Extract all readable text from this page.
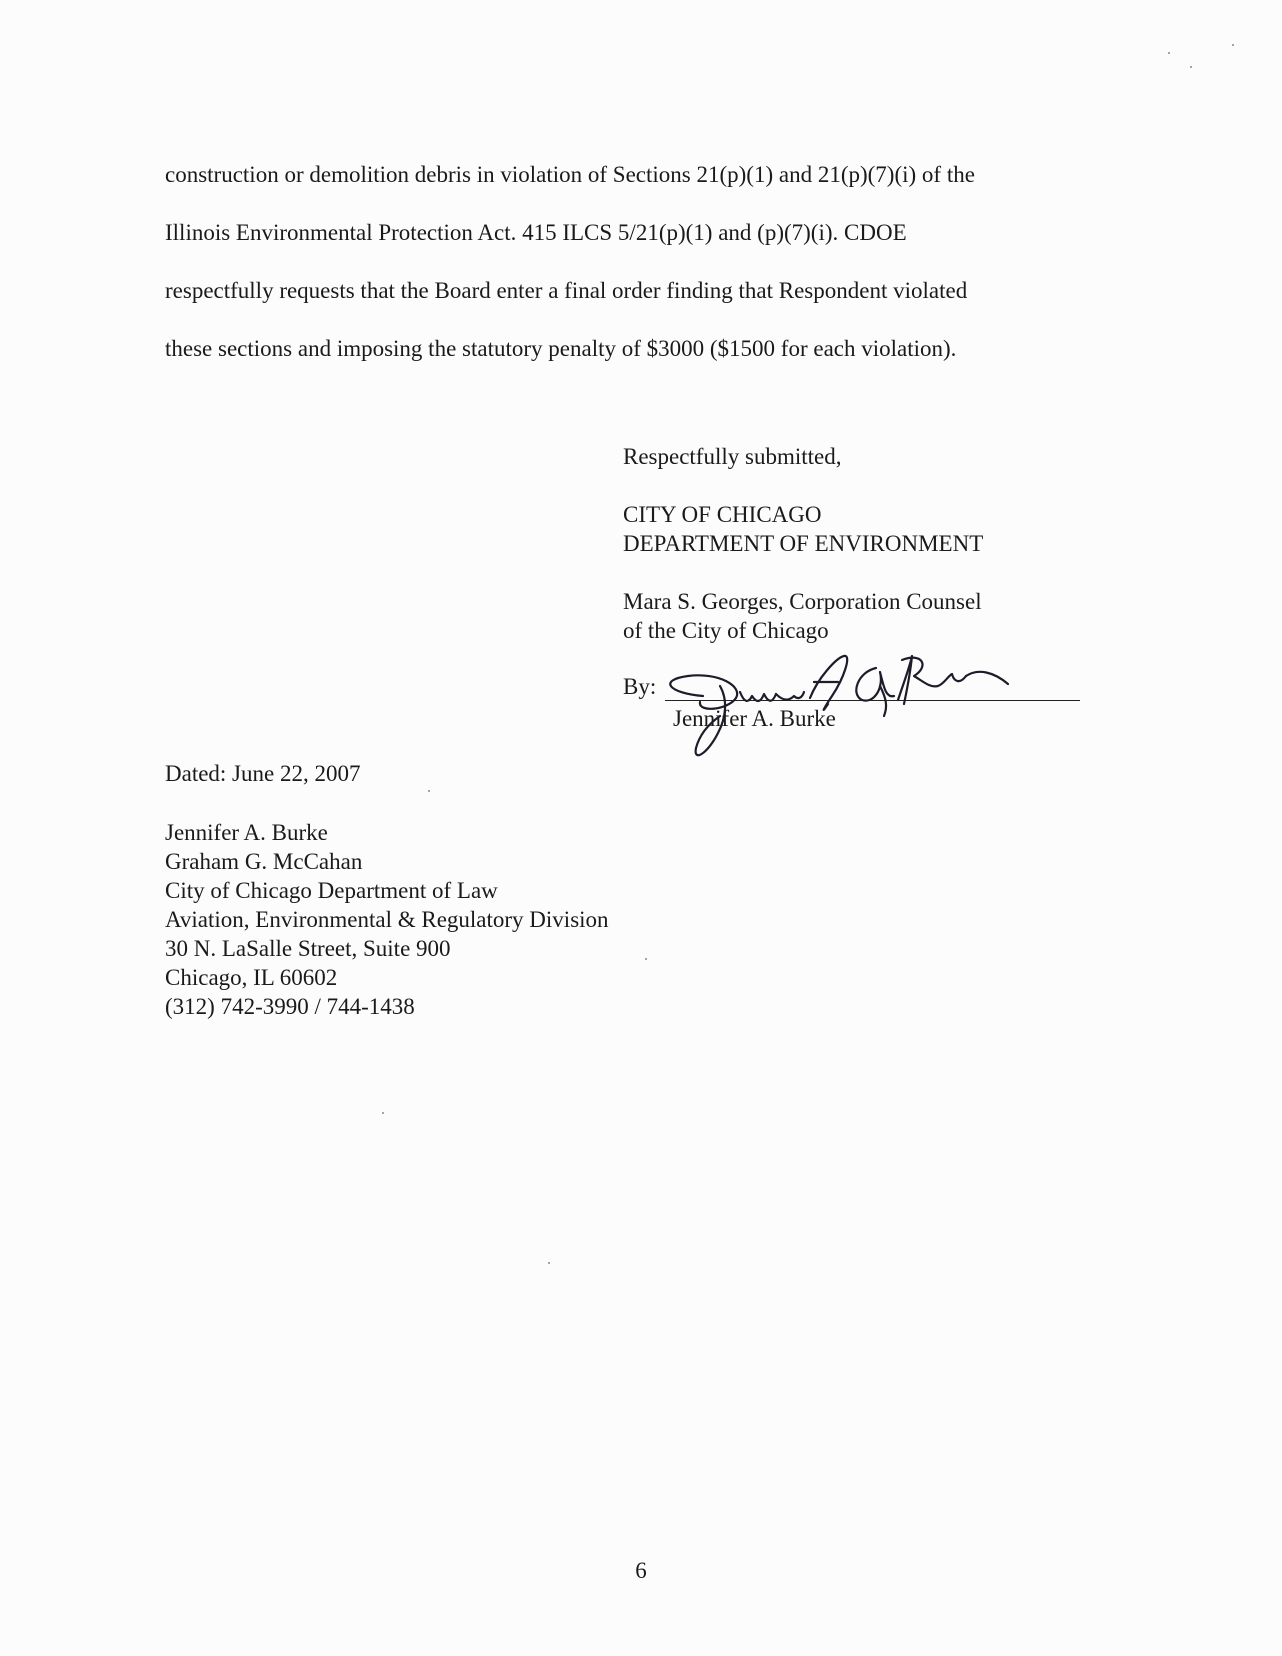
construction or demolition debris in violation of Sections 21(p)(1) and 21(p)(7)(i) of the
Illinois Environmental Protection Act. 415 ILCS 5/21(p)(1) and (p)(7)(i). CDOE
respectfully requests that the Board enter a final order finding that Respondent violated
these sections and imposing the statutory penalty of $3000 ($1500 for each violation).
Respectfully submitted,
CITY OF CHICAGO
DEPARTMENT OF ENVIRONMENT
Mara S. Georges, Corporation Counsel
of the City of Chicago
By:
Jennifer A. Burke
Dated: June 22, 2007
Jennifer A. Burke
Graham G. McCahan
City of Chicago Department of Law
Aviation, Environmental & Regulatory Division
30 N. LaSalle Street, Suite 900
Chicago, IL 60602
(312) 742-3990 / 744-1438
6
